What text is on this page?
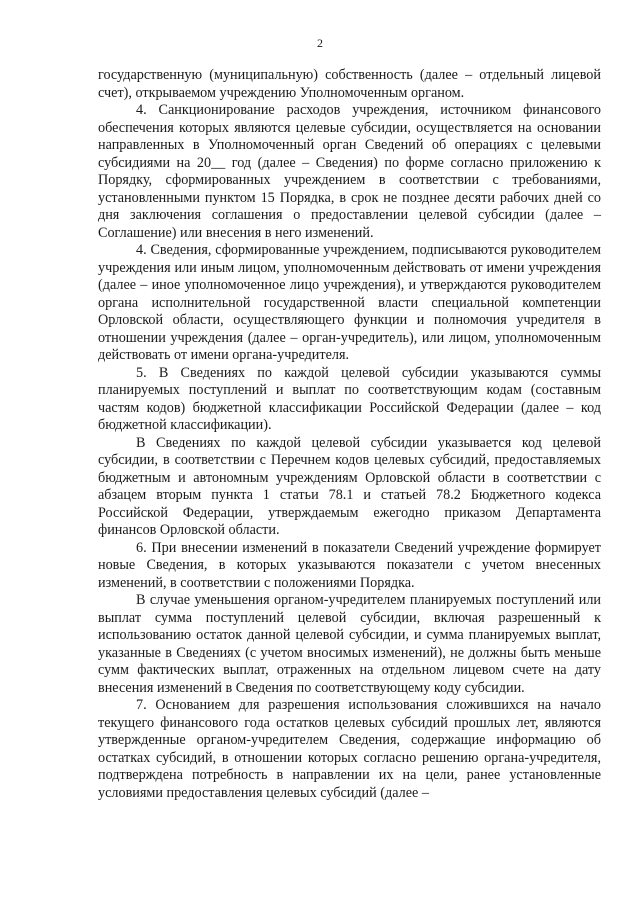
2

государственную (муниципальную) собственность (далее – отдельный лицевой счет), открываемом учреждению Уполномоченным органом.

4. Санкционирование расходов учреждения, источником финансового обеспечения которых являются целевые субсидии, осуществляется на основании направленных в Уполномоченный орган Сведений об операциях с целевыми субсидиями на 20__ год (далее – Сведения) по форме согласно приложению к Порядку, сформированных учреждением в соответствии с требованиями, установленными пунктом 15 Порядка, в срок не позднее десяти рабочих дней со дня заключения соглашения о предоставлении целевой субсидии (далее – Соглашение) или внесения в него изменений.

4. Сведения, сформированные учреждением, подписываются руководителем учреждения или иным лицом, уполномоченным действовать от имени учреждения (далее – иное уполномоченное лицо учреждения), и утверждаются руководителем органа исполнительной государственной власти специальной компетенции Орловской области, осуществляющего функции и полномочия учредителя в отношении учреждения (далее – орган-учредитель), или лицом, уполномоченным действовать от имени органа-учредителя.

5. В Сведениях по каждой целевой субсидии указываются суммы планируемых поступлений и выплат по соответствующим кодам (составным частям кодов) бюджетной классификации Российской Федерации (далее – код бюджетной классификации).

В Сведениях по каждой целевой субсидии указывается код целевой субсидии, в соответствии с Перечнем кодов целевых субсидий, предоставляемых бюджетным и автономным учреждениям Орловской области в соответствии с абзацем вторым пункта 1 статьи 78.1 и статьей 78.2 Бюджетного кодекса Российской Федерации, утверждаемым ежегодно приказом Департамента финансов Орловской области.

6. При внесении изменений в показатели Сведений учреждение формирует новые Сведения, в которых указываются показатели с учетом внесенных изменений, в соответствии с положениями Порядка.

В случае уменьшения органом-учредителем планируемых поступлений или выплат сумма поступлений целевой субсидии, включая разрешенный к использованию остаток данной целевой субсидии, и сумма планируемых выплат, указанные в Сведениях (с учетом вносимых изменений), не должны быть меньше сумм фактических выплат, отраженных на отдельном лицевом счете на дату внесения изменений в Сведения по соответствующему коду субсидии.

7. Основанием для разрешения использования сложившихся на начало текущего финансового года остатков целевых субсидий прошлых лет, являются утвержденные органом-учредителем Сведения, содержащие информацию об остатках субсидий, в отношении которых согласно решению органа-учредителя, подтверждена потребность в направлении их на цели, ранее установленные условиями предоставления целевых субсидий (далее –
